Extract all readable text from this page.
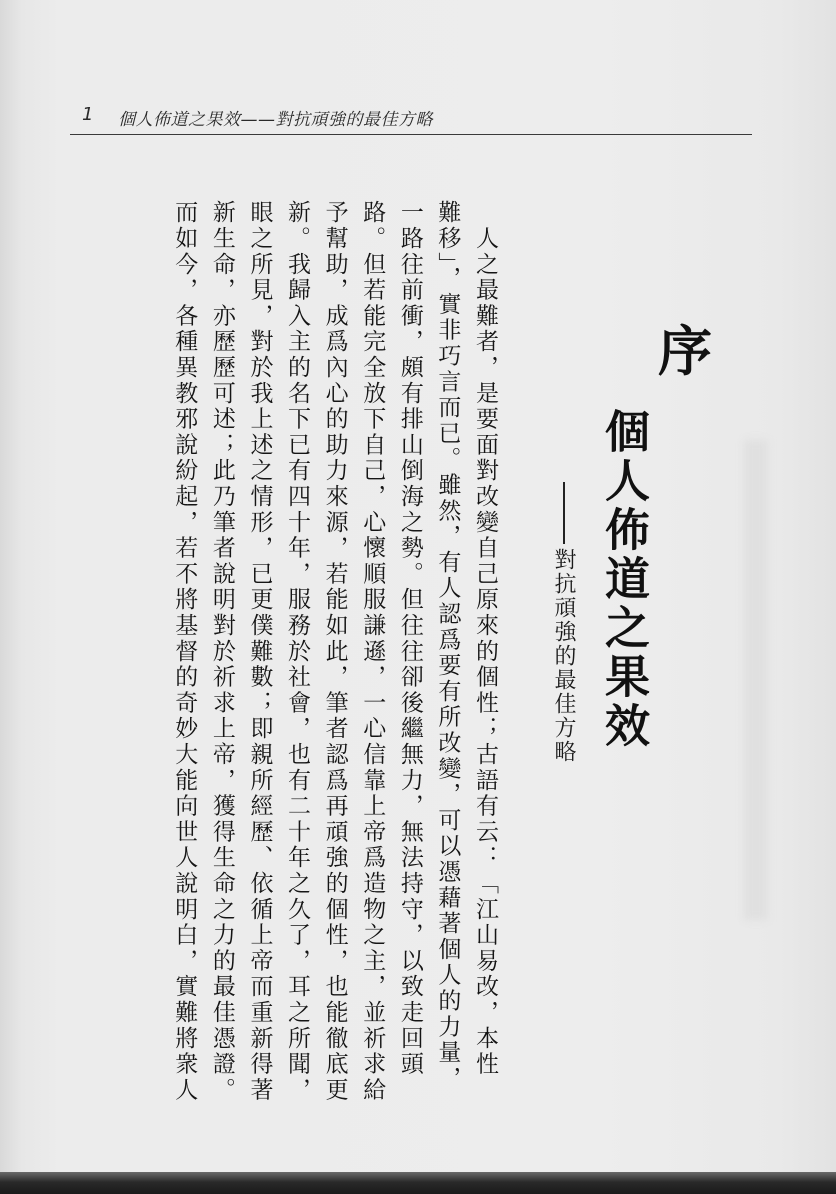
1 個人佈道之果效——對抗頑強的最佳方略
序
個人佈道之果效
對抗頑強的最佳方略
　人之最難者，是要面對改變自己原來的個性；古語有云：「江山易改，本性
難移」，實非巧言而已。雖然，有人認爲要有所改變，可以憑藉著個人的力量，
一路往前衝，頗有排山倒海之勢。但往往卻後繼無力，無法持守，以致走回頭
路。但若能完全放下自己，心懷順服謙遜，一心信靠上帝爲造物之主，並祈求給
予幫助，成爲內心的助力來源，若能如此，筆者認爲再頑強的個性，也能徹底更
新。我歸入主的名下已有四十年，服務於社會，也有二十年之久了，耳之所聞，
眼之所見，對於我上述之情形，已更僕難數；即親所經歷、依循上帝而重新得著
新生命，亦歷歷可述；此乃筆者說明對於祈求上帝，獲得生命之力的最佳憑證。
而如今，各種異教邪說紛起，若不將基督的奇妙大能向世人說明白，實難將衆人
